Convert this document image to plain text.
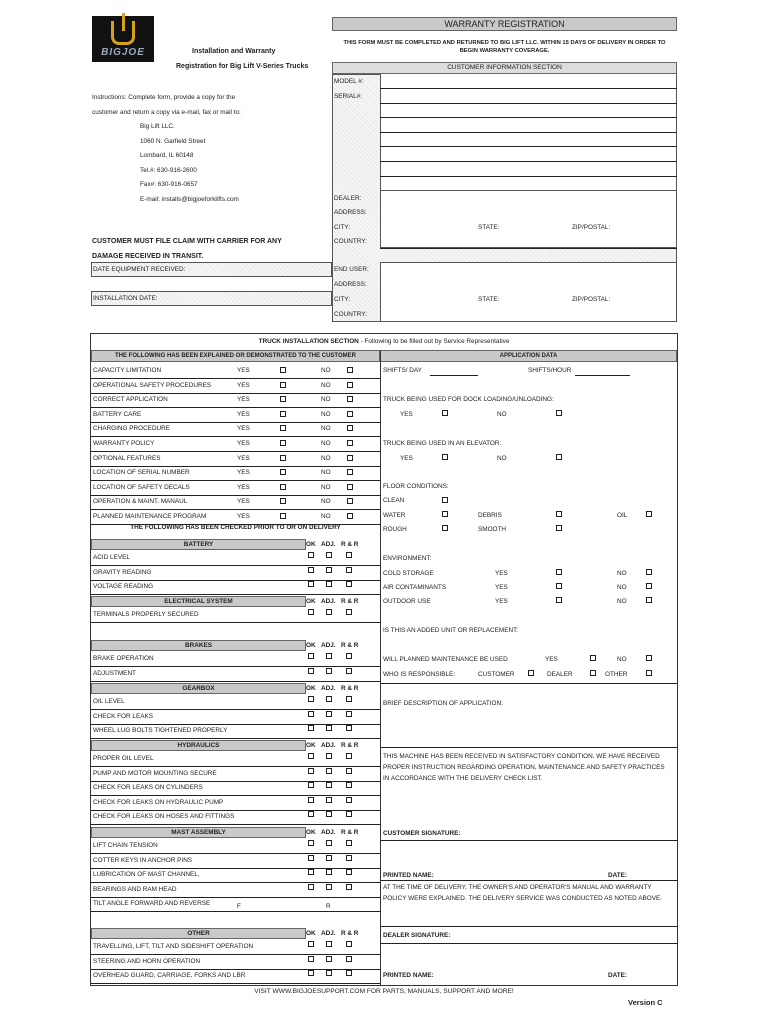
BIGJOE	Installation and Warranty
Registration for Big Lift V-Series Trucks
WARRANTY REGISTRATION
THIS FORM MUST BE COMPLETED AND RETURNED TO BIG LIFT LLC. WITHIN 15 DAYS OF DELIVERY IN ORDER TO
BEGIN WARRANTY COVERAGE.
CUSTOMER INFORMATION SECTION
MODEL #:
SERIAL#:
DEALER:
ADDRESS:
CITY:	STATE:	ZIP/POSTAL:
COUNTRY:
END USER:
ADDRESS:
CITY:	STATE:	ZIP/POSTAL:
COUNTRY:
Instructions: Complete form, provide a copy for the
customer and return a copy via e-mail, fax or mail to:
Big Lift LLC.
1060 N. Garfield Street
Lombard, IL 60148
Tel.#: 630-916-2600
Fax#: 630-916-0657
E-mail: installs@bigjoeforklifts.com
CUSTOMER MUST FILE CLAIM WITH CARRIER FOR ANY
DAMAGE RECEIVED IN TRANSIT.
DATE EQUIPMENT RECEIVED:
INSTALLATION DATE:
TRUCK INSTALLATION SECTION - Following to be filled out by Service Representative
THE FOLLOWING HAS BEEN EXPLAINED OR DEMONSTRATED TO THE CUSTOMER	APPLICATION DATA
CAPACITY LIMITATION	YES	NO
OPERATIONAL SAFETY PROCEDURES	YES	NO
CORRECT APPLICATION	YES	NO
BATTERY CARE	YES	NO
CHARGING PROCEDURE	YES	NO
WARRANTY POLICY	YES	NO
OPTIONAL FEATURES	YES	NO
LOCATION OF SERIAL NUMBER	YES	NO
LOCATION OF SAFETY DECALS	YES	NO
OPERATION & MAINT. MANAUL	YES	NO
PLANNED MAINTENANCE PROGRAM	YES	NO
THE FOLLOWING HAS BEEN CHECKED PRIOR TO OR ON DELIVERY
BATTERY	OK ADJ. R & R
ACID LEVEL
GRAVITY READING
VOLTAGE READING
ELECTRICAL SYSTEM	OK ADJ. R & R
TERMINALS PROPERLY SECURED
BRAKES	OK ADJ. R & R
BRAKE OPERATION
ADJUSTMENT
GEARBOX	OK ADJ. R & R
OIL LEVEL
CHECK FOR LEAKS
WHEEL LUG BOLTS TIGHTENED PROPERLY
HYDRAULICS	OK ADJ. R & R
PROPER OIL LEVEL
PUMP AND MOTOR MOUNTING SECURE
CHECK FOR LEAKS ON CYLINDERS
CHECK FOR LEAKS ON HYDRAULIC PUMP
CHECK FOR LEAKS ON HOSES AND FITTINGS
MAST ASSEMBLY	OK ADJ. R & R
LIFT CHAIN TENSION
COTTER KEYS IN ANCHOR PINS
LUBRICATION OF MAST CHANNEL,
BEARINGS AND RAM HEAD
TILT ANGLE FORWARD AND REVERSE	F	R
OTHER	OK ADJ. R & R
TRAVELLING, LIFT, TILT AND SIDESHIFT OPERATION
STEERING AND HORN OPERATION
OVERHEAD GUARD, CARRIAGE, FORKS AND LBR
SHIFTS/ DAY	SHIFTS/HOUR
TRUCK BEING USED FOR DOCK LOADING/UNLOADING:
YES	NO
TRUCK BEING USED IN AN ELEVATOR:
YES	NO
FLOOR CONDITIONS:
CLEAN
WATER	DEBRIS	OIL
ROUGH	SMOOTH
ENVIRONMENT:
COLD STORAGE	YES	NO
AIR CONTAMINANTS	YES	NO
OUTDOOR USE	YES	NO
IS THIS AN ADDED UNIT OR REPLACEMENT:
WILL PLANNED MAINTENANCE BE USED	YES	NO
WHO IS RESPONSIBLE:	CUSTOMER	DEALER	OTHER
BRIEF DESCRIPTION OF APPLICATION:
THIS MACHINE HAS BEEN RECEIVED IN SATISFACTORY CONDITION. WE HAVE RECEIVED
PROPER INSTRUCTION REGARDING OPERATION, MAINTENANCE AND SAFETY PRACTICES
IN ACCORDANCE WITH THE DELIVERY CHECK LIST.
CUSTOMER SIGNATURE:
PRINTED NAME:	DATE:
AT THE TIME OF DELIVERY, THE OWNER'S AND OPERATOR'S MANUAL AND WARRANTY
POLICY WERE EXPLAINED. THE DELIVERY SERVICE WAS CONDUCTED AS NOTED ABOVE.
DEALER SIGNATURE:
PRINTED NAME:	DATE:
VISIT WWW.BIGJOESUPPORT.COM FOR PARTS, MANUALS, SUPPORT AND MORE!
Version C
